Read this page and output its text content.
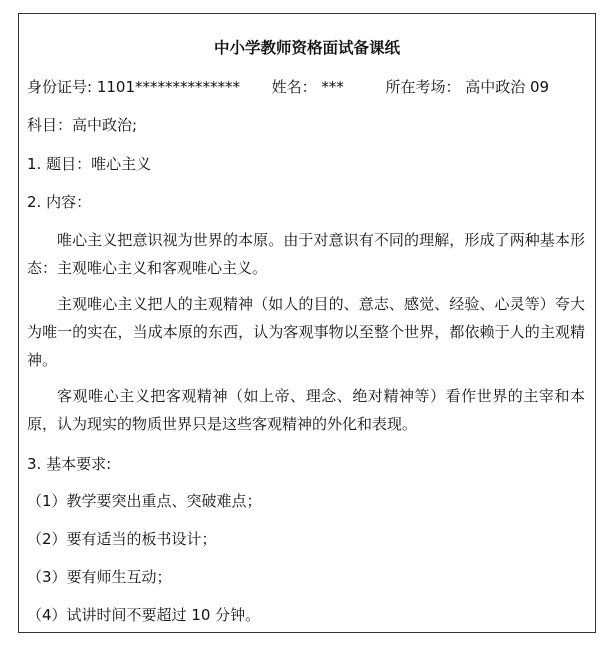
中小学教师资格面试备课纸
身份证号: 1101************** 姓名： ***	所在考场： 高中政治 09
科目：高中政治;
1. 题目：唯心主义
2. 内容：
唯心主义把意识视为世界的本原。由于对意识有不同的理解，形成了两种基本形态：主观唯心主义和客观唯心主义。
主观唯心主义把人的主观精神（如人的目的、意志、感觉、经验、心灵等）夸大为唯一的实在，当成本原的东西，认为客观事物以至整个世界，都依赖于人的主观精神。
客观唯心主义把客观精神（如上帝、理念、绝对精神等）看作世界的主宰和本原，认为现实的物质世界只是这些客观精神的外化和表现。
3. 基本要求:
（1）教学要突出重点、突破难点；
（2）要有适当的板书设计；
（3）要有师生互动；
（4）试讲时间不要超过 10 分钟。
